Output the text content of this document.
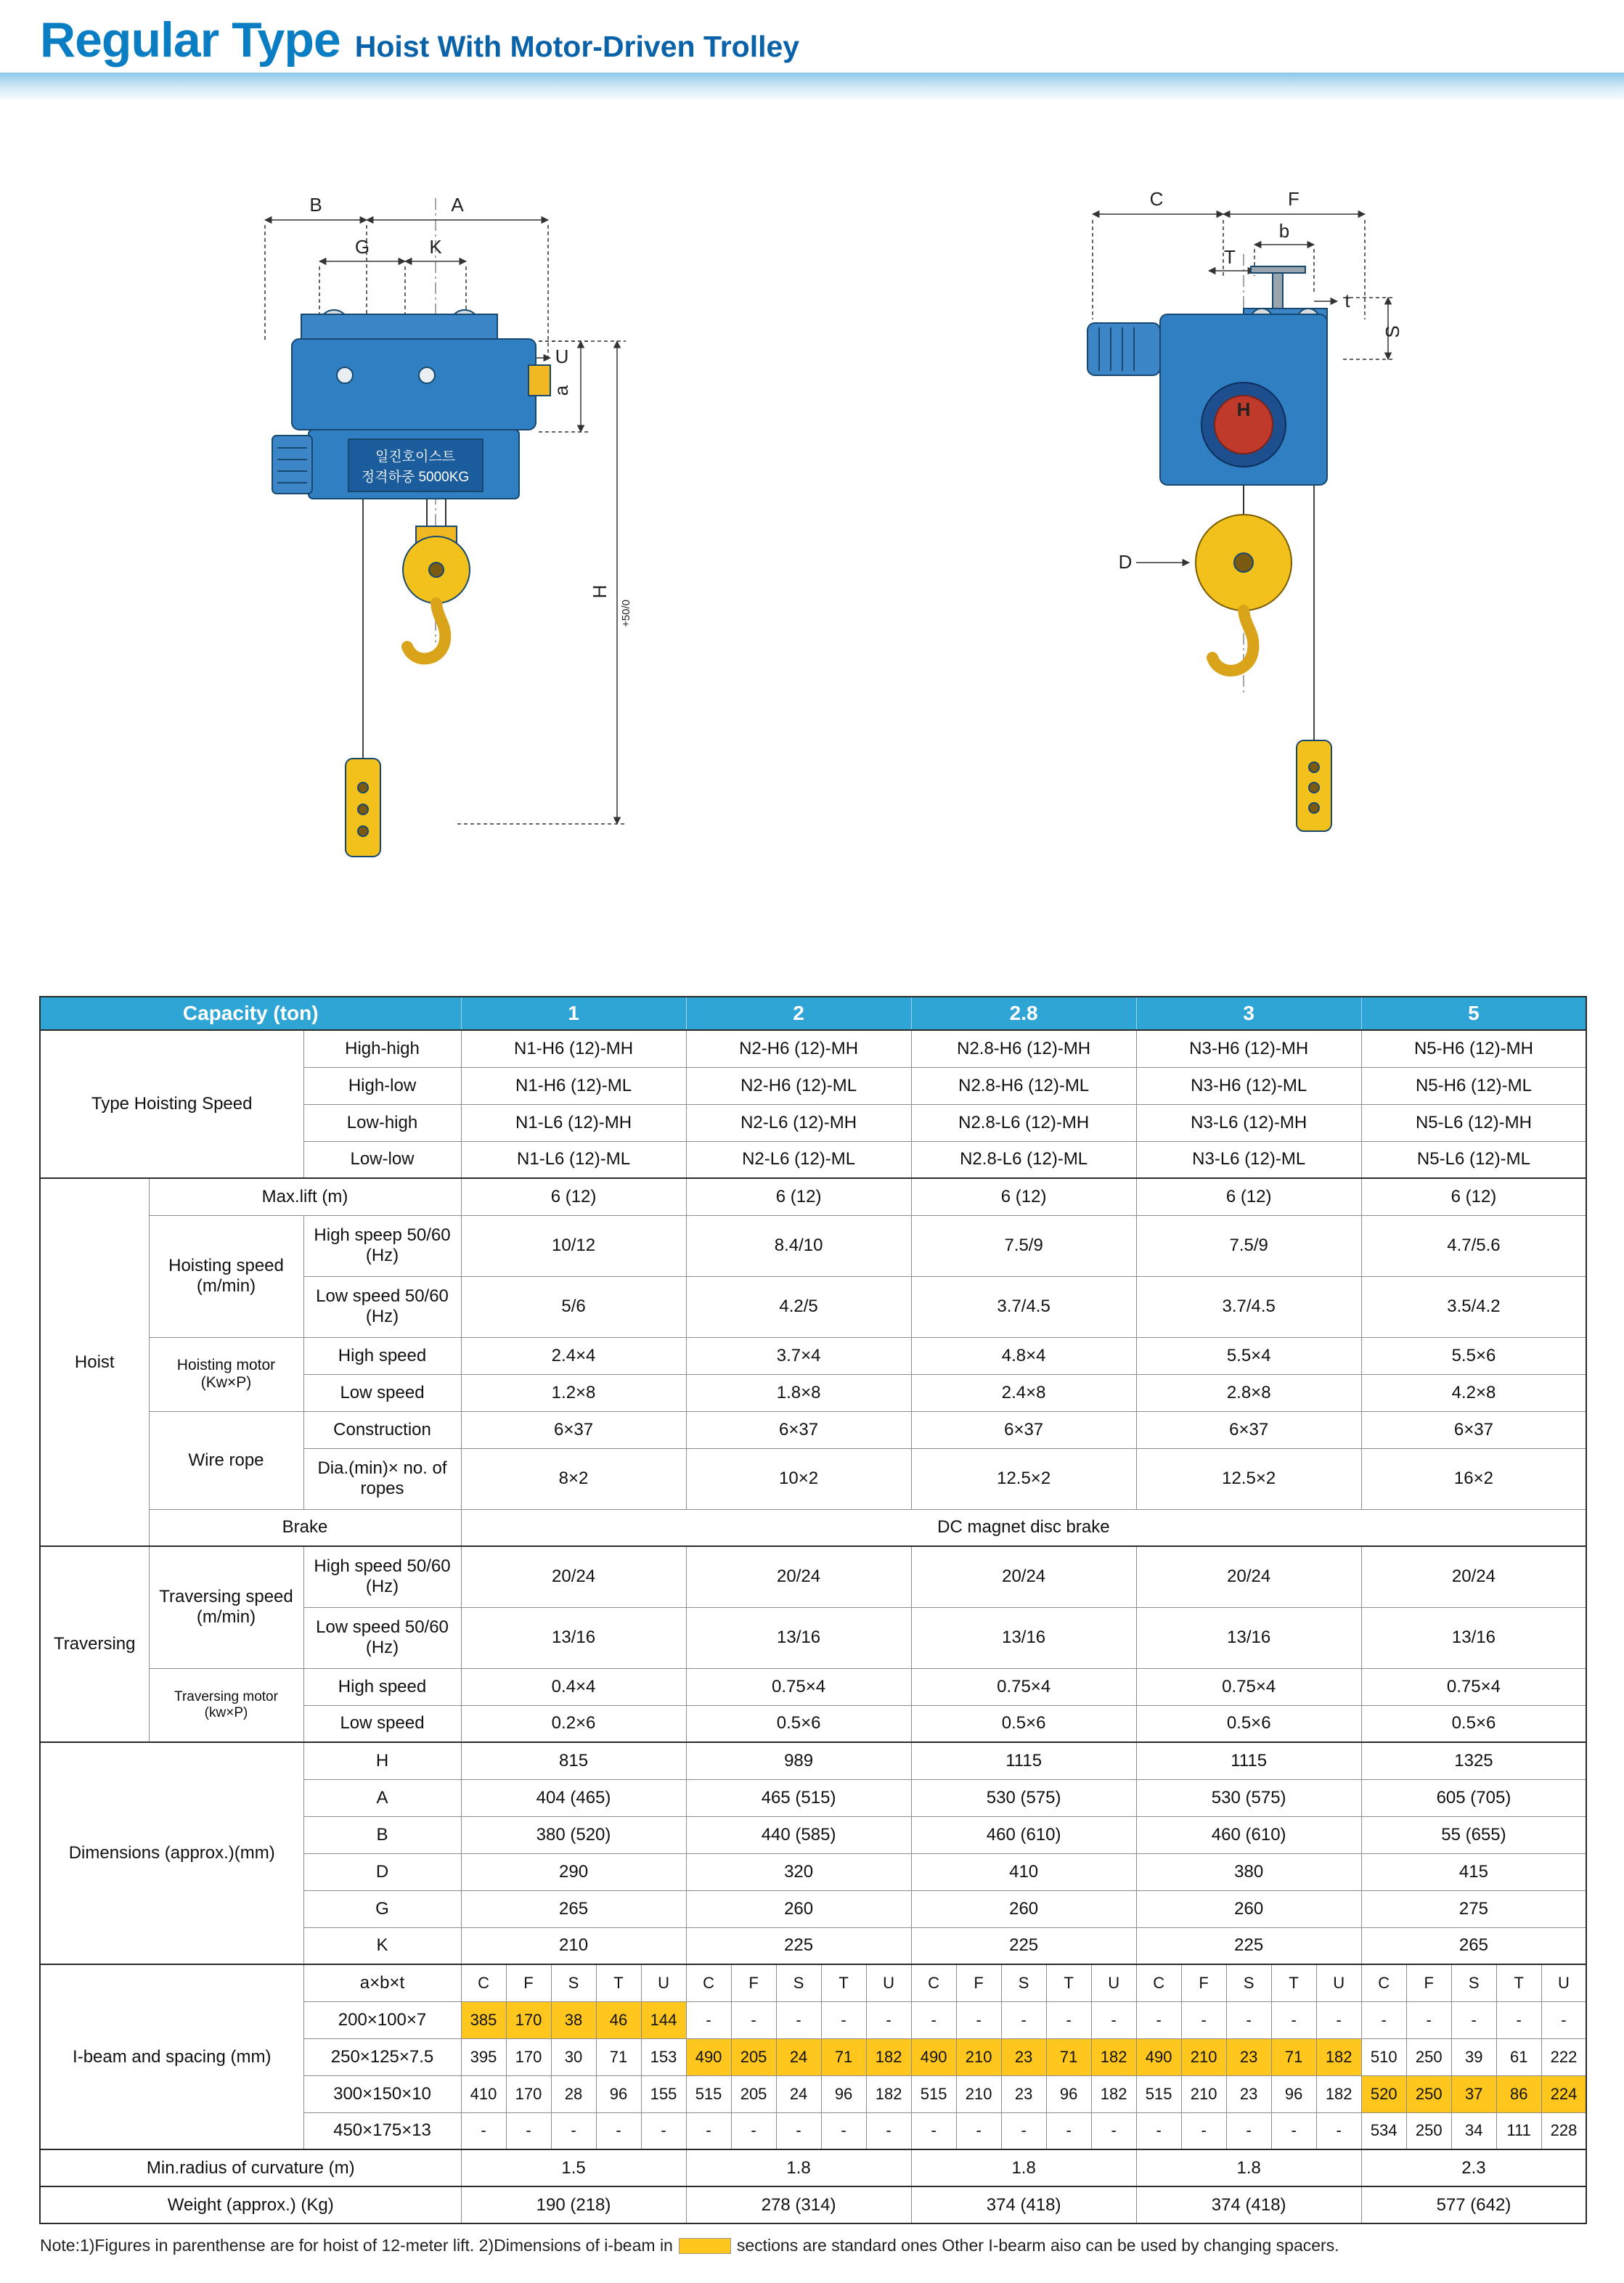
Regular Type Hoist With Motor-Driven Trolley
일진호이스트
정격하중 5000KG
B	A
G	K
U
a
H
+50/0
C	F
b
T
t
S
D
H
Capacity (ton)			1					2					2.8					3					5				
Type Hoisting Speed		High-high	N1-H6 (12)-MH					N2-H6 (12)-MH					N2.8-H6 (12)-MH					N3-H6 (12)-MH					N5-H6 (12)-MH				
		High-low	N1-H6 (12)-ML					N2-H6 (12)-ML					N2.8-H6 (12)-ML					N3-H6 (12)-ML					N5-H6 (12)-ML				
		Low-high	N1-L6 (12)-MH					N2-L6 (12)-MH					N2.8-L6 (12)-MH					N3-L6 (12)-MH					N5-L6 (12)-MH				
		Low-low	N1-L6 (12)-ML					N2-L6 (12)-ML					N2.8-L6 (12)-ML					N3-L6 (12)-ML					N5-L6 (12)-ML				
Hoist	Max.lift (m)		6 (12)					6 (12)					6 (12)					6 (12)					6 (12)				
	Hoisting speed (m/min)	High speep 50/60 (Hz)	10/12					8.4/10					7.5/9					7.5/9					4.7/5.6				
		Low speed 50/60 (Hz)	5/6					4.2/5					3.7/4.5					3.7/4.5					3.5/4.2				
	Hoisting motor (Kw×P)	High speed	2.4×4					3.7×4					4.8×4					5.5×4					5.5×6				
		Low speed	1.2×8					1.8×8					2.4×8					2.8×8					4.2×8				
	Wire rope	Construction	6×37					6×37					6×37					6×37					6×37				
		Dia.(min)× no. of ropes	8×2					10×2					12.5×2					12.5×2					16×2				
	Brake		DC magnet disc brake																								
Traversing	Traversing speed (m/min)	High speed 50/60 (Hz)	20/24					20/24					20/24					20/24					20/24				
		Low speed 50/60 (Hz)	13/16					13/16					13/16					13/16					13/16				
	Traversing motor (kw×P)	High speed	0.4×4					0.75×4					0.75×4					0.75×4					0.75×4				
		Low speed	0.2×6					0.5×6					0.5×6					0.5×6					0.5×6				
Dimensions (approx.)(mm)		H	815					989					1115					1115					1325				
		A	404 (465)					465 (515)					530 (575)					530 (575)					605 (705)				
		B	380 (520)					440 (585)					460 (610)					460 (610)					55 (655)				
		D	290					320					410					380					415				
		G	265					260					260					260					275				
		K	210					225					225					225					265				
I-beam and spacing (mm)		a×b×t	C	F	S	T	U	C	F	S	T	U	C	F	S	T	U	C	F	S	T	U	C	F	S	T	U
		200×100×7	385	170	38	46	144	-	-	-	-	-	-	-	-	-	-	-	-	-	-	-	-	-	-	-	-
		250×125×7.5	395	170	30	71	153	490	205	24	71	182	490	210	23	71	182	490	210	23	71	182	510	250	39	61	222
		300×150×10	410	170	28	96	155	515	205	24	96	182	515	210	23	96	182	515	210	23	96	182	520	250	37	86	224
		450×175×13	-	-	-	-	-	-	-	-	-	-	-	-	-	-	-	-	-	-	-	-	534	250	34	111	228
Min.radius of curvature (m)			1.5					1.8					1.8					1.8					2.3				
Weight (approx.) (Kg)			190 (218)					278 (314)					374 (418)					374 (418)					577 (642)				
Note:1)Figures in parenthense are for hoist of 12-meter lift. 2)Dimensions of i-beam in	sections are standard ones Other I-bearm aiso can be used by changing spacers.
